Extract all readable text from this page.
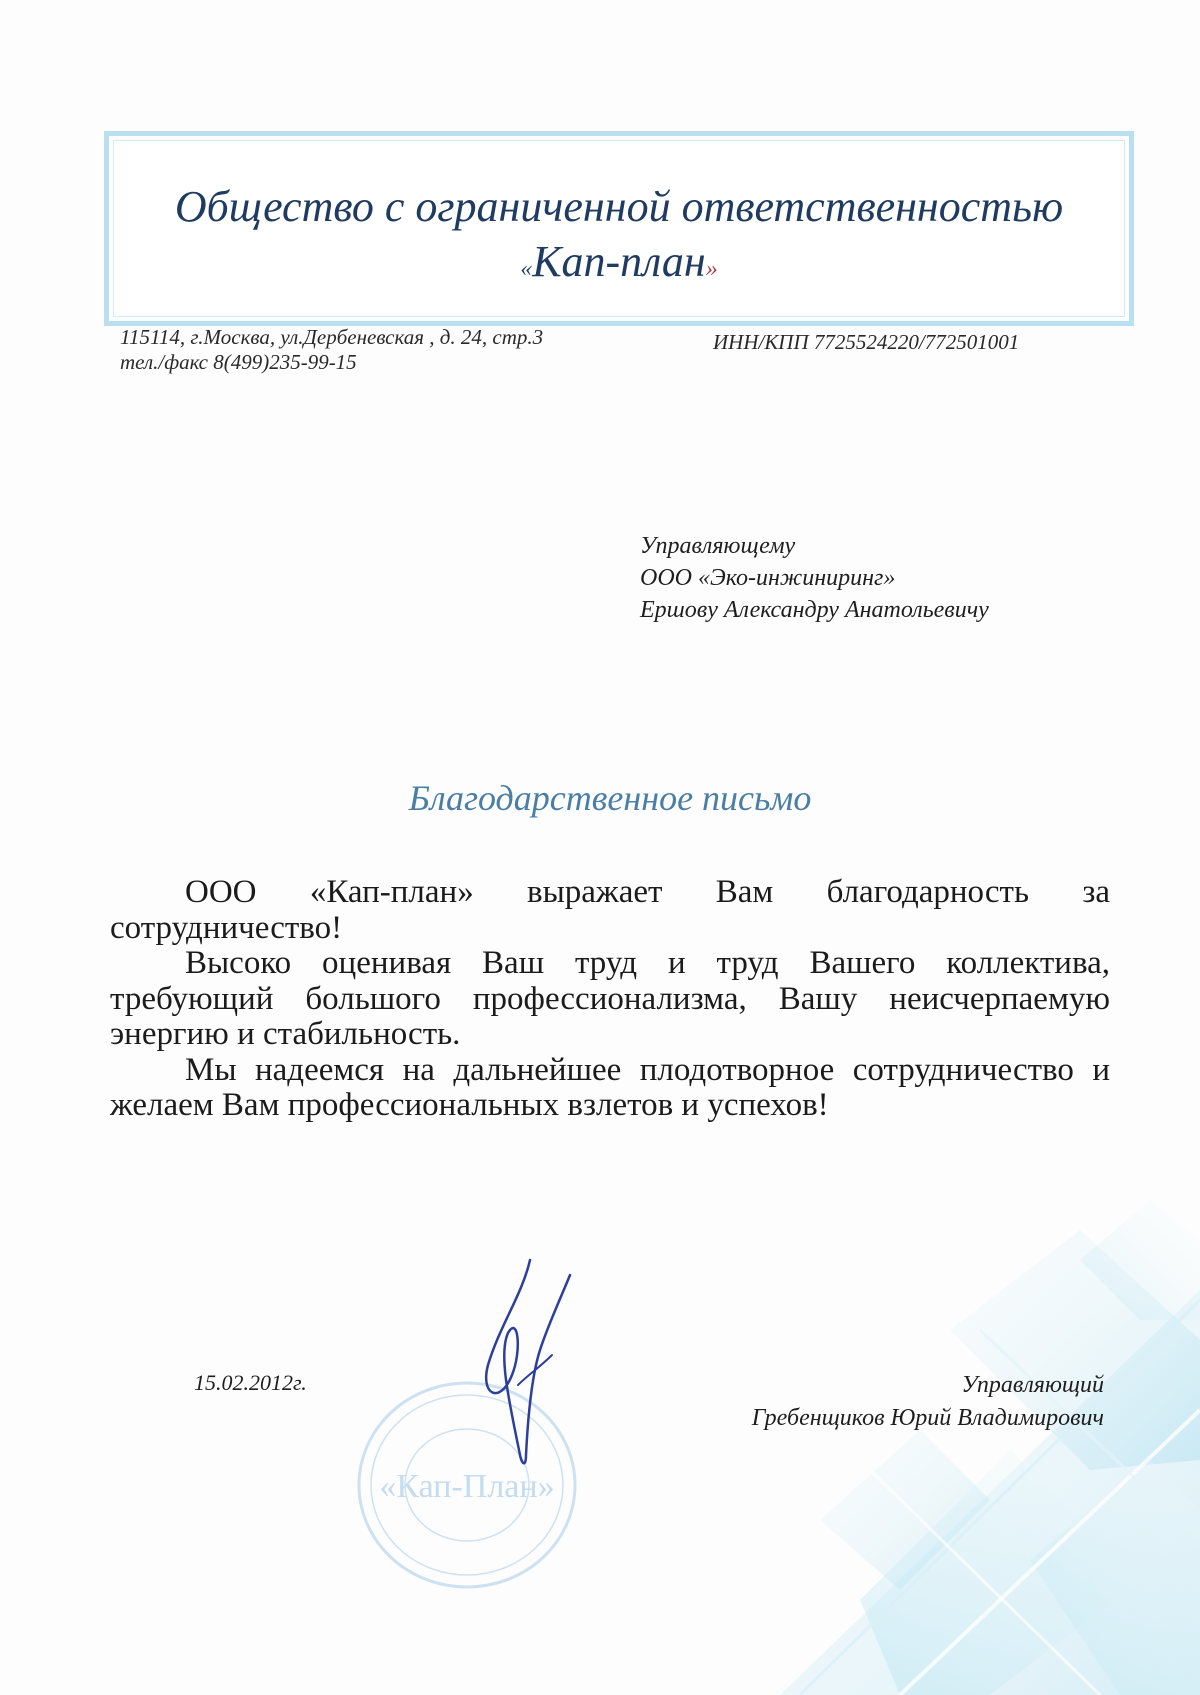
Общество с ограниченной ответственностью
«Кап-план»
115114, г.Москва, ул.Дербеневская , д. 24, стр.3
тел./факс 8(499)235-99-15
ИНН/КПП 7725524220/772501001
Управляющему
ООО «Эко-инжиниринг»
Ершову Александру Анатольевичу
Благодарственное письмо

ООО «Кап-план» выражает Вам благодарность за сотрудничество!

Высоко оценивая Ваш труд и труд Вашего коллектива, требующий большого профессионализма, Вашу неисчерпаемую энергию и стабильность.

Мы надеемся на дальнейшее плодотворное сотрудничество и желаем Вам профессиональных взлетов и успехов!

«Кап-План»
15.02.2012г.	Управляющий
Гребенщиков Юрий Владимирович
